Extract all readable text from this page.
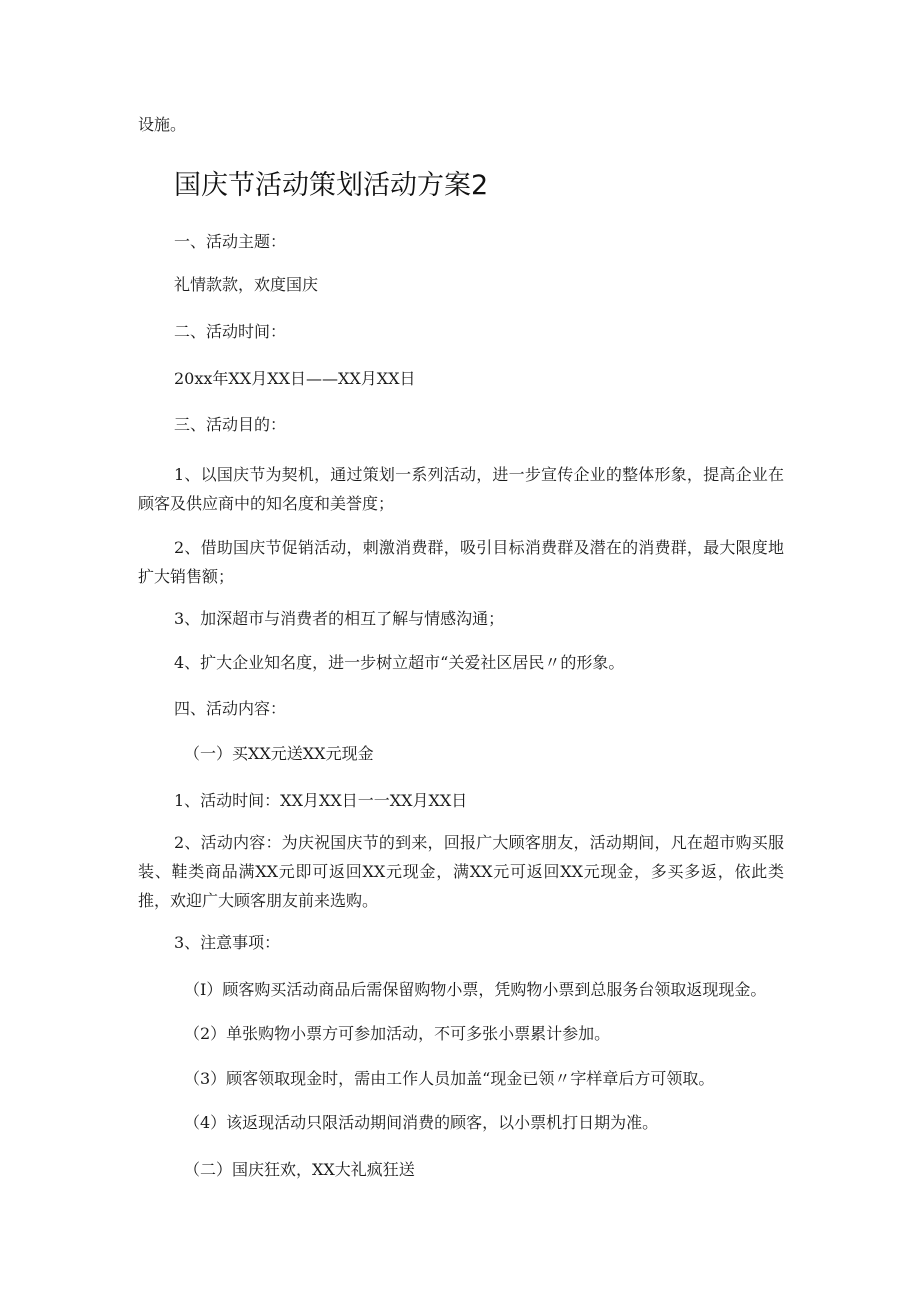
设施。
国庆节活动策划活动方案2
一、活动主题：
礼情款款，欢度国庆
二、活动时间：
20xx年XX月XX日——XX月XX日
三、活动目的：
1、以国庆节为契机，通过策划一系列活动，进一步宣传企业的整体形象，提高企业在顾客及供应商中的知名度和美誉度；
2、借助国庆节促销活动，刺激消费群，吸引目标消费群及潜在的消费群，最大限度地扩大销售额；
3、加深超市与消费者的相互了解与情感沟通；
4、扩大企业知名度，进一步树立超市“关爱社区居民〃的形象。
四、活动内容：
（一）买XX元送XX元现金
1、活动时间：XX月XX日一一XX月XX日
2、活动内容：为庆祝国庆节的到来，回报广大顾客朋友，活动期间，凡在超市购买服装、鞋类商品满XX元即可返回XX元现金，满XX元可返回XX元现金，多买多返，依此类推，欢迎广大顾客朋友前来选购。
3、注意事项：
（I）顾客购买活动商品后需保留购物小票，凭购物小票到总服务台领取返现现金。
（2）单张购物小票方可参加活动，不可多张小票累计参加。
（3）顾客领取现金时，需由工作人员加盖“现金已领〃字样章后方可领取。
（4）该返现活动只限活动期间消费的顾客，以小票机打日期为准。
（二）国庆狂欢，XX大礼疯狂送
